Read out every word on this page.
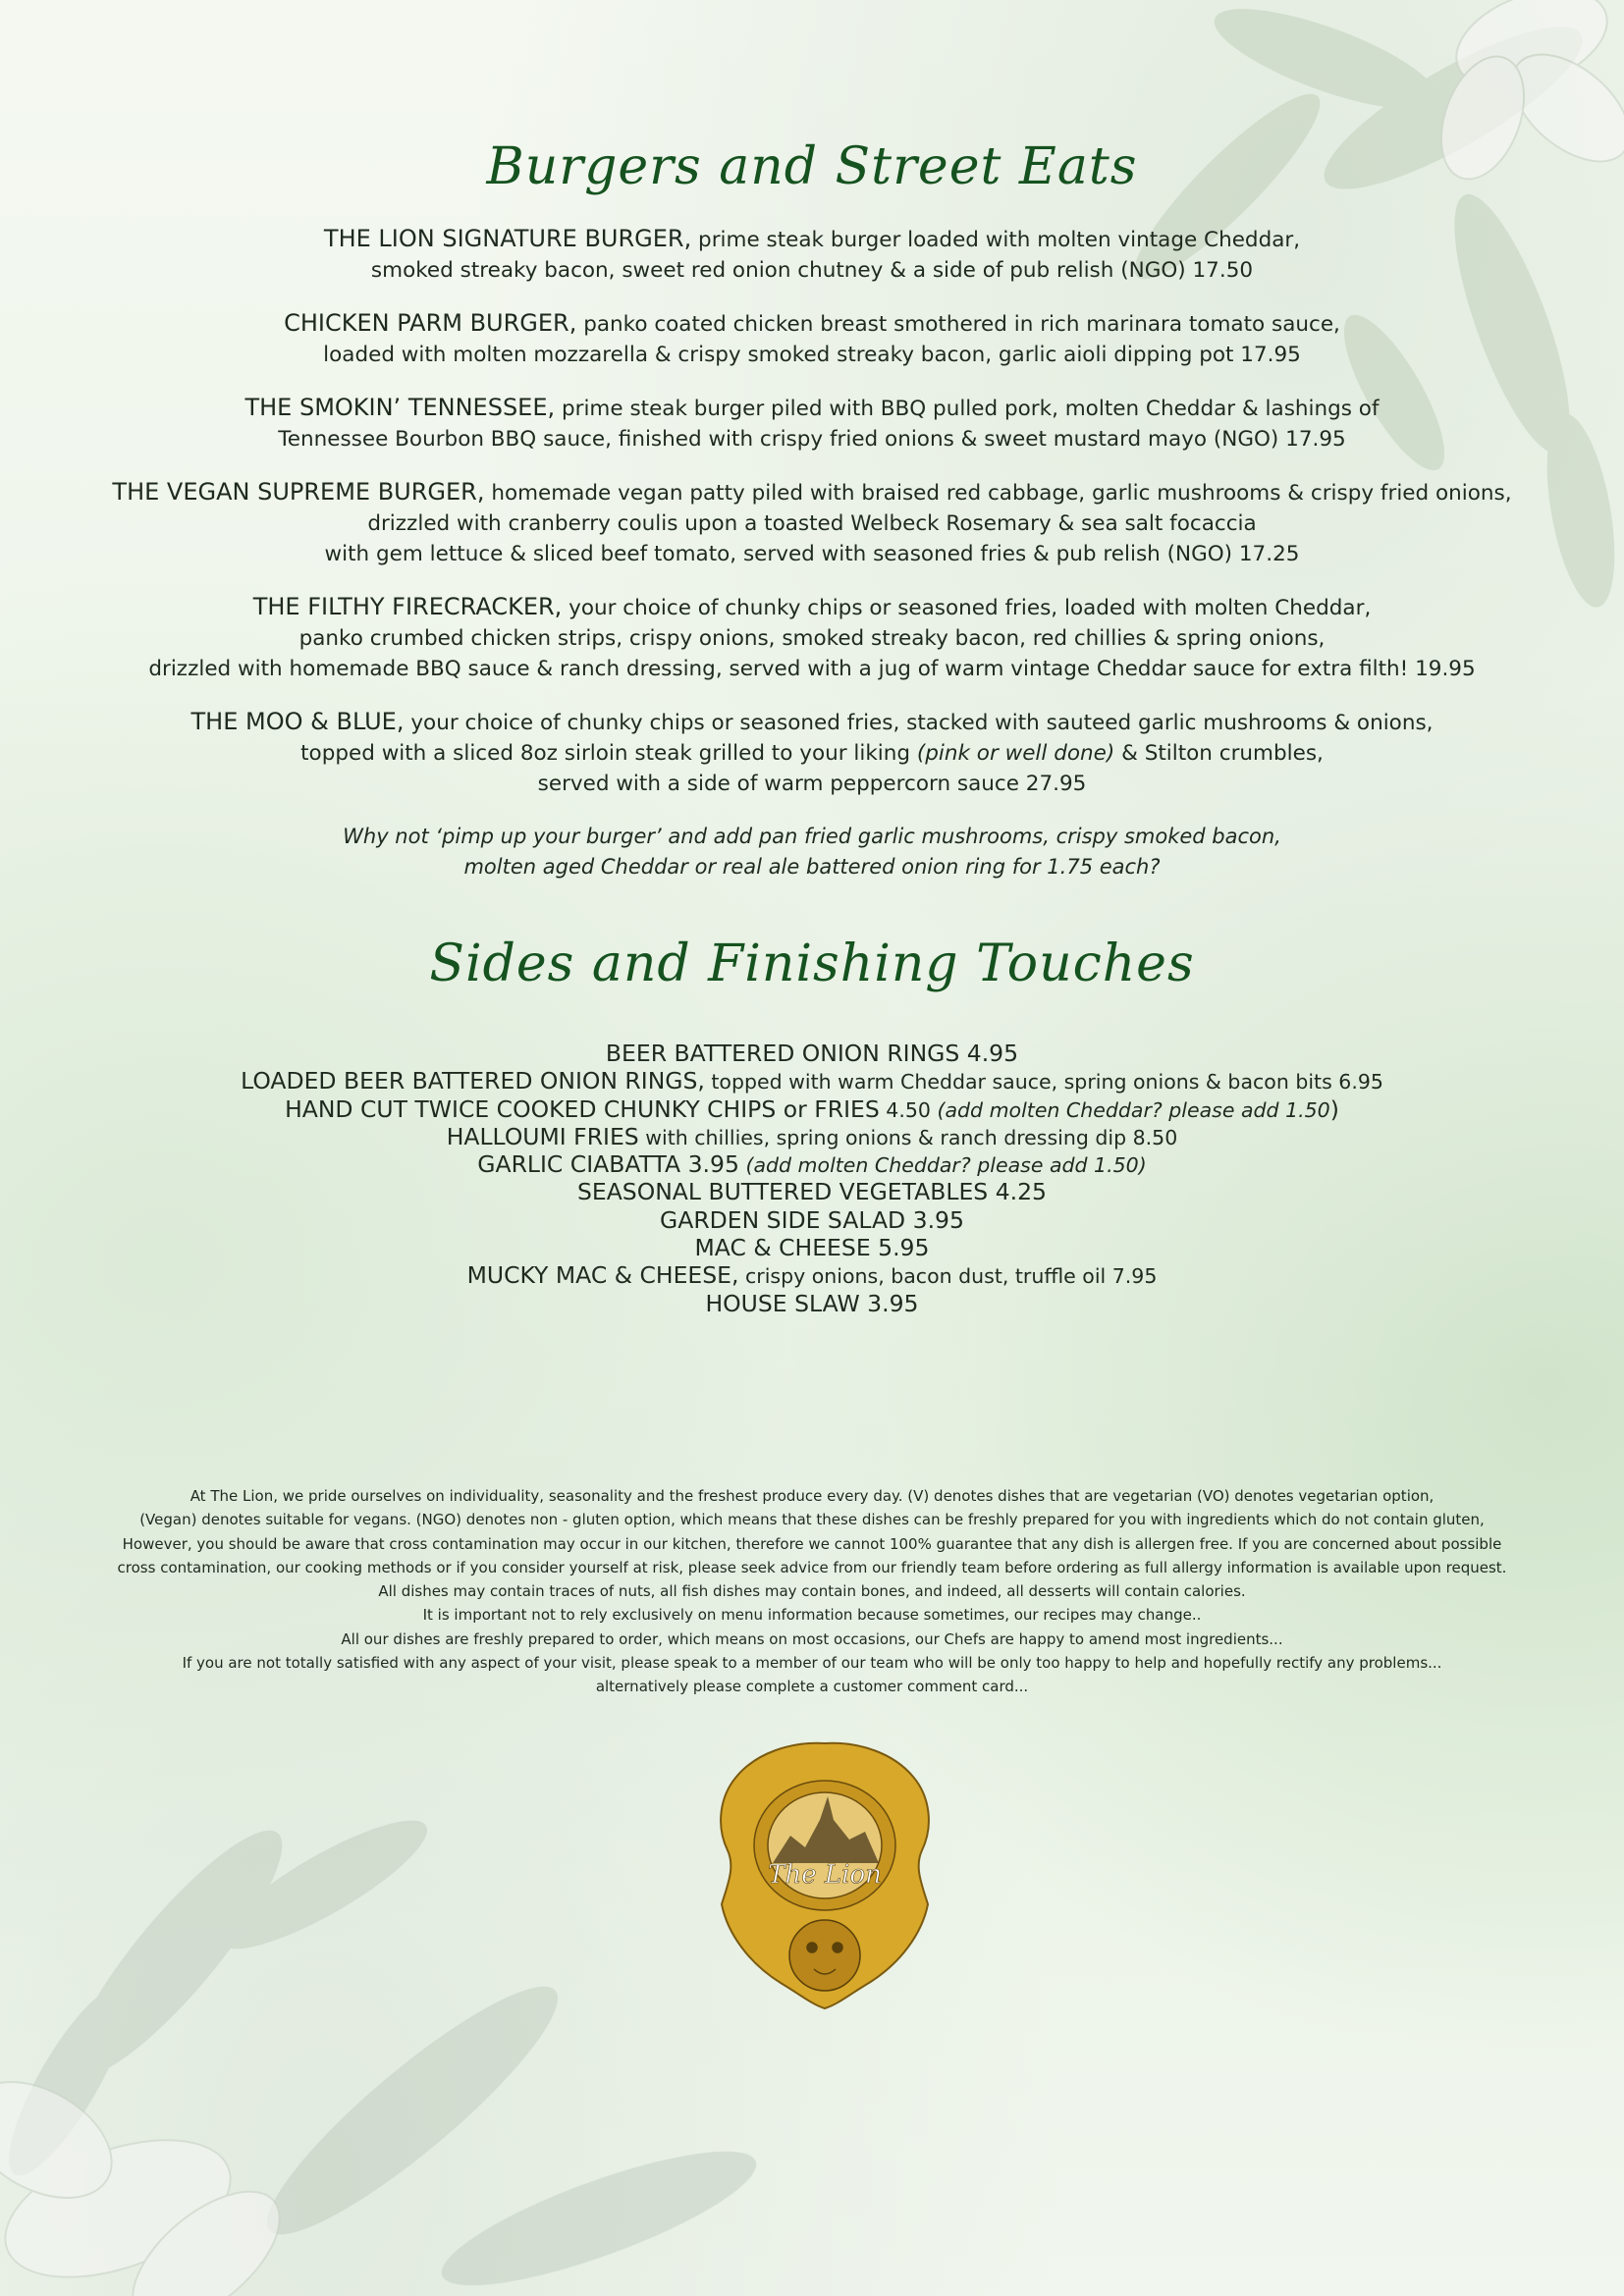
Burgers and Street Eats
THE LION SIGNATURE BURGER, prime steak burger loaded with molten vintage Cheddar,
smoked streaky bacon, sweet red onion chutney & a side of pub relish (NGO) 17.50
CHICKEN PARM BURGER, panko coated chicken breast smothered in rich marinara tomato sauce,
loaded with molten mozzarella & crispy smoked streaky bacon, garlic aioli dipping pot 17.95
THE SMOKIN’ TENNESSEE, prime steak burger piled with BBQ pulled pork, molten Cheddar & lashings of
Tennessee Bourbon BBQ sauce, finished with crispy fried onions & sweet mustard mayo (NGO) 17.95
THE VEGAN SUPREME BURGER, homemade vegan patty piled with braised red cabbage, garlic mushrooms & crispy fried onions,
drizzled with cranberry coulis upon a toasted Welbeck Rosemary & sea salt focaccia
with gem lettuce & sliced beef tomato, served with seasoned fries & pub relish (NGO) 17.25
THE FILTHY FIRECRACKER, your choice of chunky chips or seasoned fries, loaded with molten Cheddar,
panko crumbed chicken strips, crispy onions, smoked streaky bacon, red chillies & spring onions,
drizzled with homemade BBQ sauce & ranch dressing, served with a jug of warm vintage Cheddar sauce for extra filth! 19.95
THE MOO & BLUE, your choice of chunky chips or seasoned fries, stacked with sauteed garlic mushrooms & onions,
topped with a sliced 8oz sirloin steak grilled to your liking (pink or well done) & Stilton crumbles,
served with a side of warm peppercorn sauce 27.95
Why not ‘pimp up your burger’ and add pan fried garlic mushrooms, crispy smoked bacon,
molten aged Cheddar or real ale battered onion ring for 1.75 each?
Sides and Finishing Touches
BEER BATTERED ONION RINGS 4.95
LOADED BEER BATTERED ONION RINGS, topped with warm Cheddar sauce, spring onions & bacon bits 6.95
HAND CUT TWICE COOKED CHUNKY CHIPS or FRIES 4.50 (add molten Cheddar? please add 1.50)
HALLOUMI FRIES with chillies, spring onions & ranch dressing dip 8.50
GARLIC CIABATTA 3.95 (add molten Cheddar? please add 1.50)
SEASONAL BUTTERED VEGETABLES 4.25
GARDEN SIDE SALAD 3.95
MAC & CHEESE 5.95
MUCKY MAC & CHEESE, crispy onions, bacon dust, truffle oil 7.95
HOUSE SLAW 3.95
At The Lion, we pride ourselves on individuality, seasonality and the freshest produce every day. (V) denotes dishes that are vegetarian (VO) denotes vegetarian option,
(Vegan) denotes suitable for vegans. (NGO) denotes non - gluten option, which means that these dishes can be freshly prepared for you with ingredients which do not contain gluten,
However, you should be aware that cross contamination may occur in our kitchen, therefore we cannot 100% guarantee that any dish is allergen free. If you are concerned about possible
cross contamination, our cooking methods or if you consider yourself at risk, please seek advice from our friendly team before ordering as full allergy information is available upon request.
All dishes may contain traces of nuts, all fish dishes may contain bones, and indeed, all desserts will contain calories.
It is important not to rely exclusively on menu information because sometimes, our recipes may change..
All our dishes are freshly prepared to order, which means on most occasions, our Chefs are happy to amend most ingredients...
If you are not totally satisfied with any aspect of your visit, please speak to a member of our team who will be only too happy to help and hopefully rectify any problems...
alternatively please complete a customer comment card...
The Lion
